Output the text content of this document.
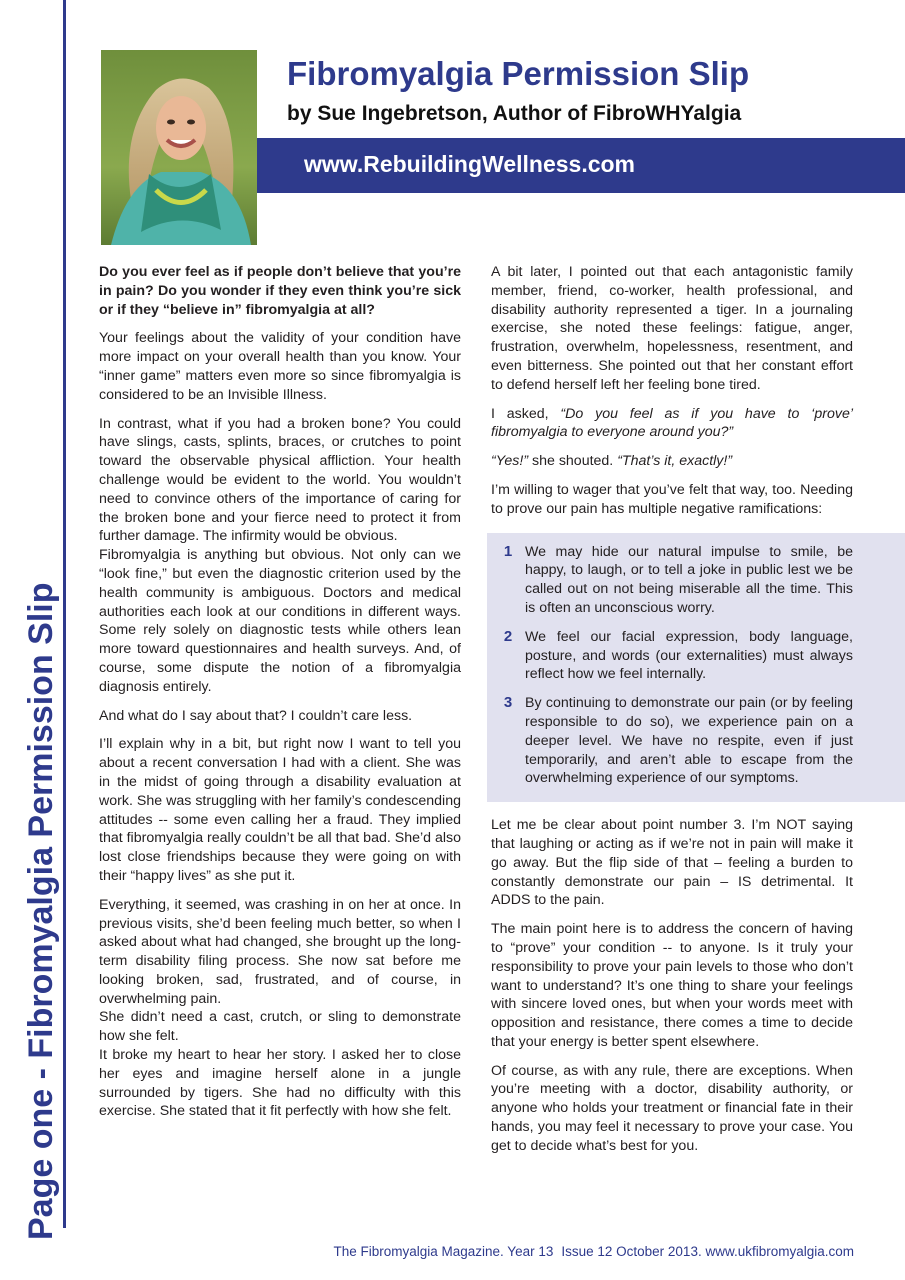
Page one - Fibromyalgia Permission Slip
Fibromyalgia Permission Slip
by Sue Ingebretson, Author of FibroWHYalgia
www.RebuildingWellness.com

Do you ever feel as if people don’t believe that you’re in pain? Do you wonder if they even think you’re sick or if they “believe in” fibromyalgia at all?

Your feelings about the validity of your condition have more impact on your overall health than you know. Your “inner game” matters even more so since fibromyalgia is considered to be an Invisible Illness.

In contrast, what if you had a broken bone? You could have slings, casts, splints, braces, or crutches to point toward the observable physical affliction. Your health challenge would be evident to the world. You wouldn’t need to convince others of the importance of caring for the broken bone and your fierce need to protect it from further damage. The infirmity would be obvious.

Fibromyalgia is anything but obvious. Not only can we “look fine,” but even the diagnostic criterion used by the health community is ambiguous. Doctors and medical authorities each look at our conditions in different ways. Some rely solely on diagnostic tests while others lean more toward questionnaires and health surveys. And, of course, some dispute the notion of a fibromyalgia diagnosis entirely.

And what do I say about that? I couldn’t care less.

I’ll explain why in a bit, but right now I want to tell you about a recent conversation I had with a client. She was in the midst of going through a disability evaluation at work. She was struggling with her family’s condescending attitudes -- some even calling her a fraud. They implied that fibromyalgia really couldn’t be all that bad. She’d also lost close friendships because they were going on with their “happy lives” as she put it.

Everything, it seemed, was crashing in on her at once. In previous visits, she’d been feeling much better, so when I asked about what had changed, she brought up the long-term disability filing process. She now sat before me looking broken, sad, frustrated, and of course, in overwhelming pain.

She didn’t need a cast, crutch, or sling to demonstrate how she felt.

It broke my heart to hear her story. I asked her to close her eyes and imagine herself alone in a jungle surrounded by tigers. She had no difficulty with this exercise. She stated that it fit perfectly with how she felt.

A bit later, I pointed out that each antagonistic family member, friend, co-worker, health professional, and disability authority represented a tiger. In a journaling exercise, she noted these feelings: fatigue, anger, frustration, overwhelm, hopelessness, resentment, and even bitterness. She pointed out that her constant effort to defend herself left her feeling bone tired.

I asked, “Do you feel as if you have to ‘prove’ fibromyalgia to everyone around you?”

“Yes!” she shouted. “That’s it, exactly!”

I’m willing to wager that you’ve felt that way, too. Needing to prove our pain has multiple negative ramifications:

1 We may hide our natural impulse to smile, be happy, to laugh, or to tell a joke in public lest we be called out on not being miserable all the time. This is often an unconscious worry.
2 We feel our facial expression, body language, posture, and words (our externalities) must always reflect how we feel internally.
3 By continuing to demonstrate our pain (or by feeling responsible to do so), we experience pain on a deeper level. We have no respite, even if just temporarily, and aren’t able to escape from the overwhelming experience of our symptoms.

Let me be clear about point number 3. I’m NOT saying that laughing or acting as if we’re not in pain will make it go away. But the flip side of that – feeling a burden to constantly demonstrate our pain – IS detrimental. It ADDS to the pain.

The main point here is to address the concern of having to “prove” your condition -- to anyone. Is it truly your responsibility to prove your pain levels to those who don’t want to understand? It’s one thing to share your feelings with sincere loved ones, but when your words meet with opposition and resistance, there comes a time to decide that your energy is better spent elsewhere.

Of course, as with any rule, there are exceptions. When you’re meeting with a doctor, disability authority, or anyone who holds your treatment or financial fate in their hands, you may feel it necessary to prove your case. You get to decide what’s best for you.

The Fibromyalgia Magazine. Year 13 Issue 12 October 2013. www.ukfibromyalgia.com
